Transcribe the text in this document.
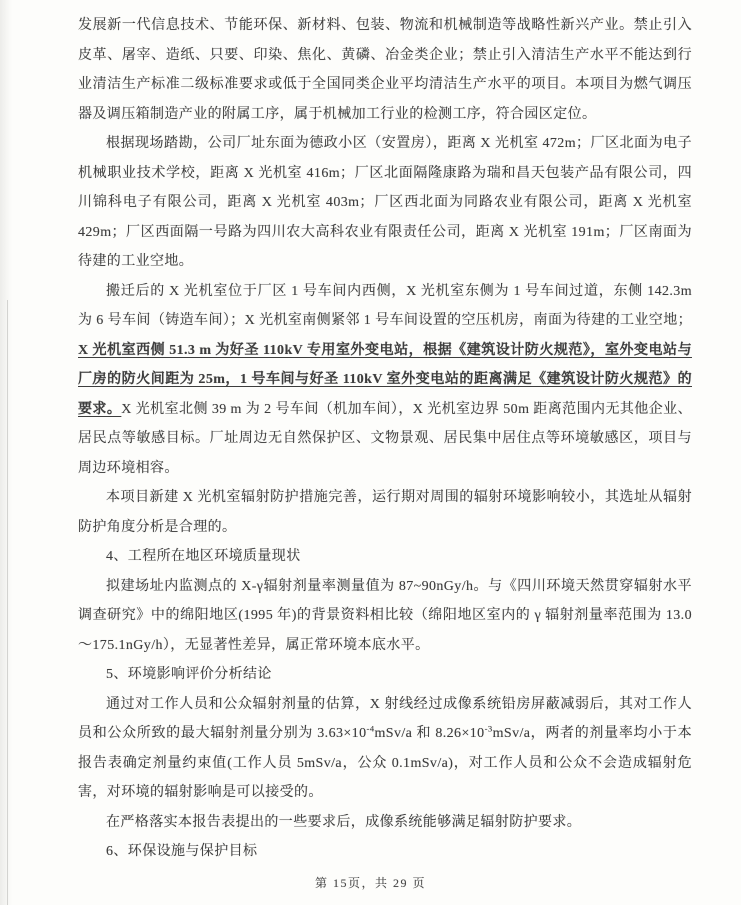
发展新一代信息技术、节能环保、新材料、包装、物流和机械制造等战略性新兴产业。禁止引入皮革、屠宰、造纸、只要、印染、焦化、黄磷、冶金类企业；禁止引入清洁生产水平不能达到行业清洁生产标准二级标准要求或低于全国同类企业平均清洁生产水平的项目。本项目为燃气调压器及调压箱制造产业的附属工序，属于机械加工行业的检测工序，符合园区定位。

根据现场踏勘，公司厂址东面为德政小区（安置房），距离 X 光机室 472m；厂区北面为电子机械职业技术学校，距离 X 光机室 416m；厂区北面隔隆康路为瑞和昌天包装产品有限公司，四川锦科电子有限公司，距离 X 光机室 403m；厂区西北面为同路农业有限公司，距离 X 光机室 429m；厂区西面隔一号路为四川农大高科农业有限责任公司，距离 X 光机室 191m；厂区南面为待建的工业空地。

搬迁后的 X 光机室位于厂区 1 号车间内西侧，X 光机室东侧为 1 号车间过道，东侧 142.3m 为 6 号车间（铸造车间）；X 光机室南侧紧邻 1 号车间设置的空压机房，南面为待建的工业空地；X 光机室西侧 51.3 m 为好圣 110kV 专用室外变电站，根据《建筑设计防火规范》，室外变电站与厂房的防火间距为 25m，1 号车间与好圣 110kV 室外变电站的距离满足《建筑设计防火规范》的要求。X 光机室北侧 39 m 为 2 号车间（机加车间），X 光机室边界 50m 距离范围内无其他企业、居民点等敏感目标。厂址周边无自然保护区、文物景观、居民集中居住点等环境敏感区，项目与周边环境相容。

本项目新建 X 光机室辐射防护措施完善，运行期对周围的辐射环境影响较小，其选址从辐射防护角度分析是合理的。

4、工程所在地区环境质量现状

拟建场址内监测点的 X-γ辐射剂量率测量值为 87~90nGy/h。与《四川环境天然贯穿辐射水平调查研究》中的绵阳地区(1995 年)的背景资料相比较（绵阳地区室内的 γ 辐射剂量率范围为 13.0～175.1nGy/h），无显著性差异，属正常环境本底水平。

5、环境影响评价分析结论

通过对工作人员和公众辐射剂量的估算，X 射线经过成像系统铅房屏蔽减弱后，其对工作人员和公众所致的最大辐射剂量分别为 $3.63\times 10^{-4}mSv/a$ 和 $8.26\times 10^{-3}mSv/a$，两者的剂量率均小于本报告表确定剂量约束值(工作人员 5mSv/a，公众 0.1mSv/a)，对工作人员和公众不会造成辐射危害，对环境的辐射影响是可以接受的。

在严格落实本报告表提出的一些要求后，成像系统能够满足辐射防护要求。

6、环保设施与保护目标

第 15页，共 29 页
